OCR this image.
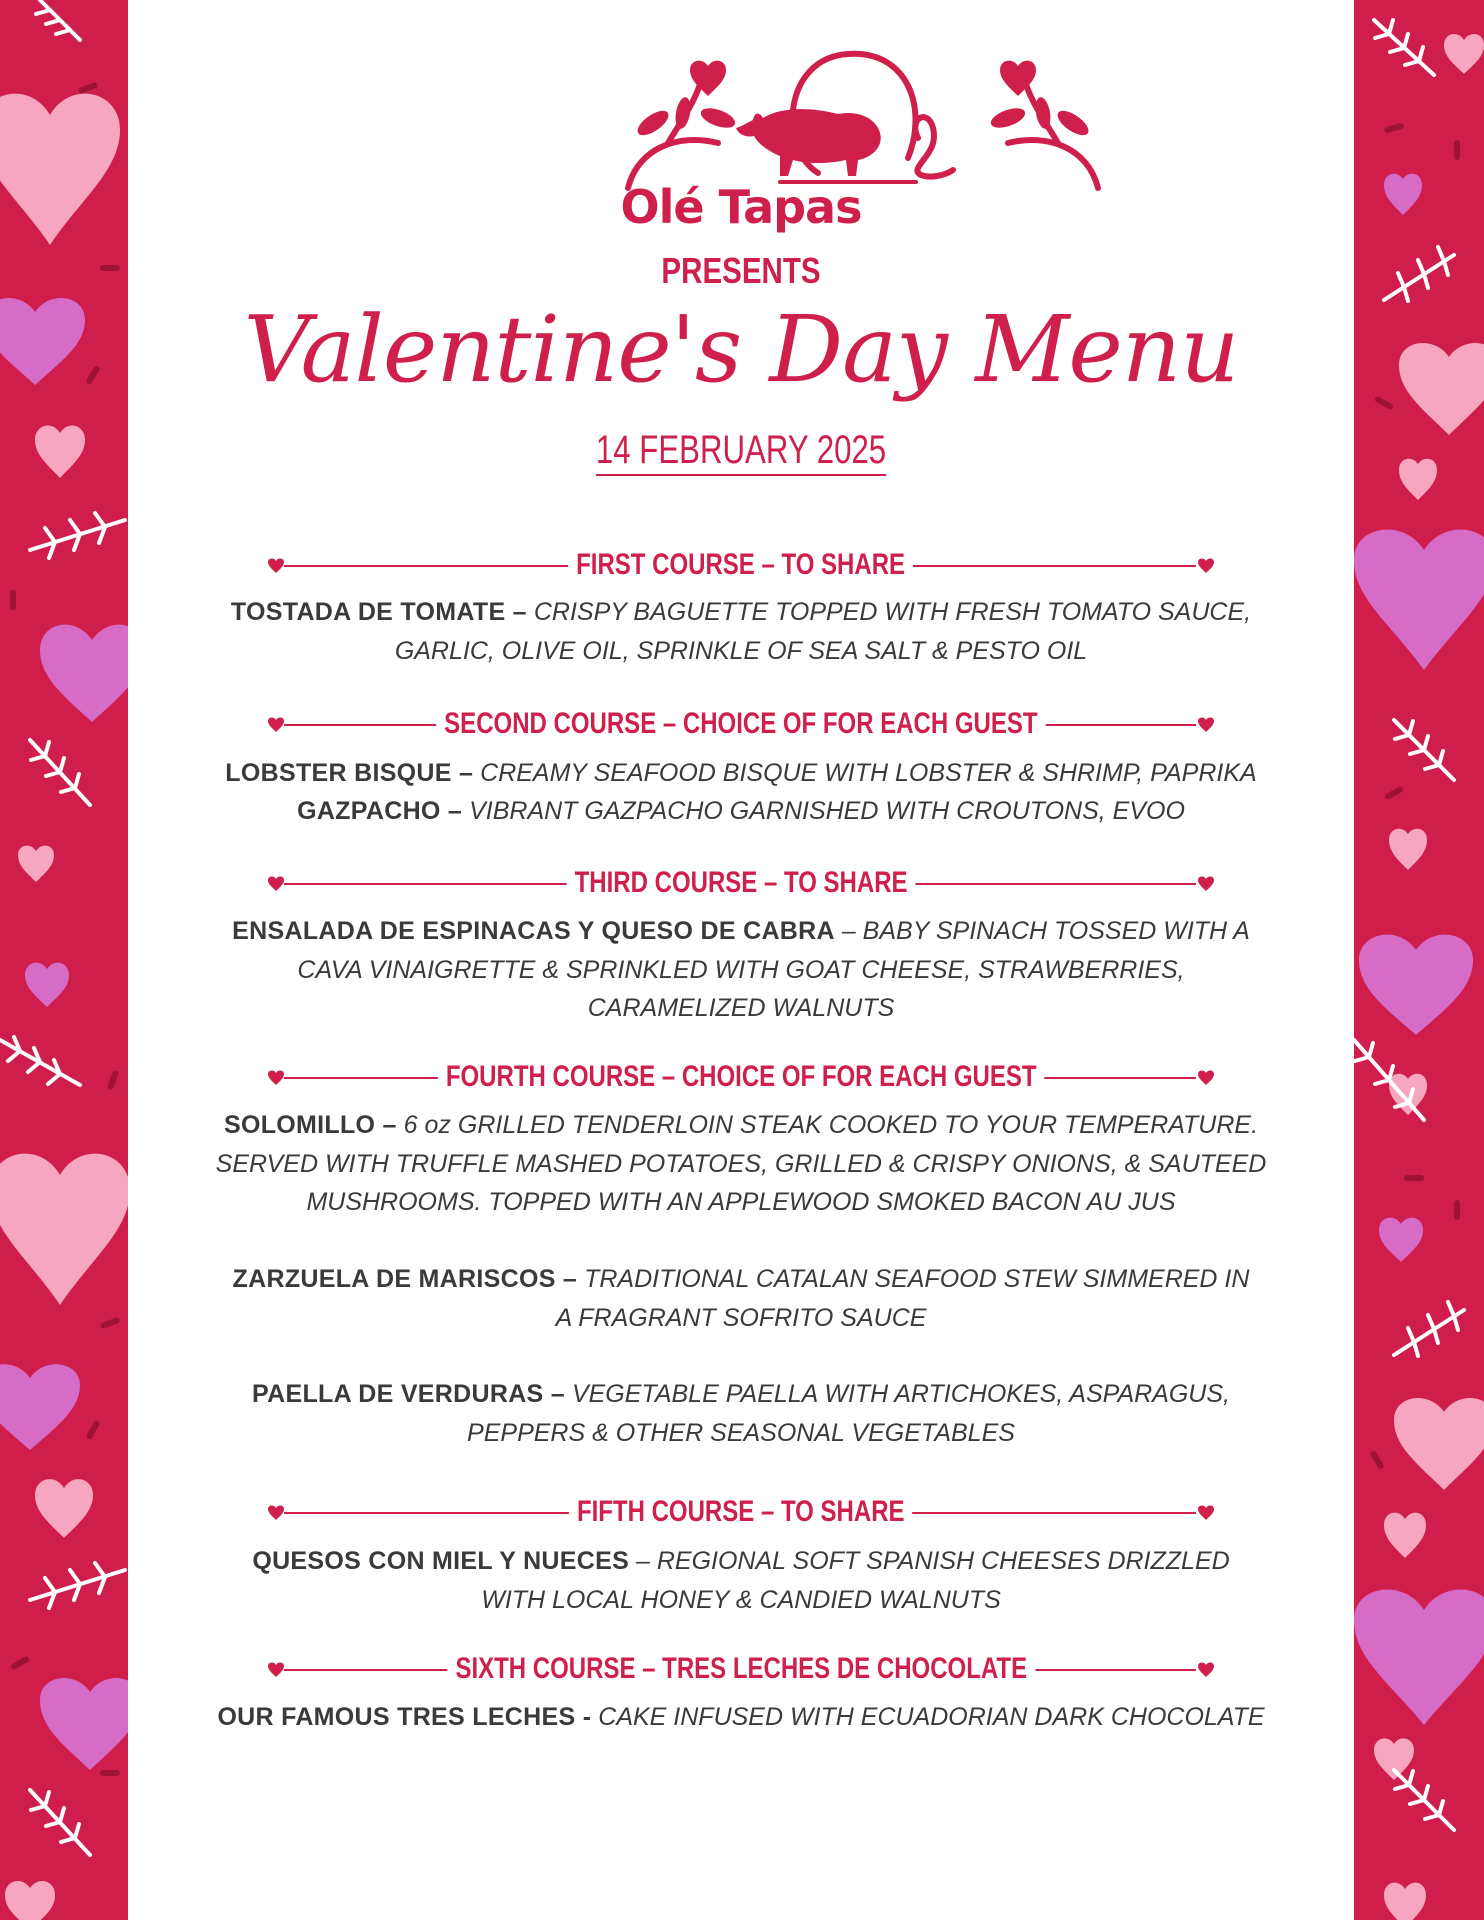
Olé Tapas
PRESENTS
Valentine's Day Menu
14 FEBRUARY 2025
FIRST COURSE – TO SHARE
TOSTADA DE TOMATE – CRISPY BAGUETTE TOPPED WITH FRESH TOMATO SAUCE,
GARLIC, OLIVE OIL, SPRINKLE OF SEA SALT & PESTO OIL
SECOND COURSE – CHOICE OF FOR EACH GUEST
LOBSTER BISQUE – CREAMY SEAFOOD BISQUE WITH LOBSTER & SHRIMP, PAPRIKA
GAZPACHO – VIBRANT GAZPACHO GARNISHED WITH CROUTONS, EVOO
THIRD COURSE – TO SHARE
ENSALADA DE ESPINACAS Y QUESO DE CABRA – BABY SPINACH TOSSED WITH A
CAVA VINAIGRETTE & SPRINKLED WITH GOAT CHEESE, STRAWBERRIES,
CARAMELIZED WALNUTS
FOURTH COURSE – CHOICE OF FOR EACH GUEST
SOLOMILLO – 6 oz GRILLED TENDERLOIN STEAK COOKED TO YOUR TEMPERATURE.
SERVED WITH TRUFFLE MASHED POTATOES, GRILLED & CRISPY ONIONS, & SAUTEED
MUSHROOMS. TOPPED WITH AN APPLEWOOD SMOKED BACON AU JUS
ZARZUELA DE MARISCOS – TRADITIONAL CATALAN SEAFOOD STEW SIMMERED IN
A FRAGRANT SOFRITO SAUCE
PAELLA DE VERDURAS – VEGETABLE PAELLA WITH ARTICHOKES, ASPARAGUS,
PEPPERS & OTHER SEASONAL VEGETABLES
FIFTH COURSE – TO SHARE
QUESOS CON MIEL Y NUECES – REGIONAL SOFT SPANISH CHEESES DRIZZLED
WITH LOCAL HONEY & CANDIED WALNUTS
SIXTH COURSE – TRES LECHES DE CHOCOLATE
OUR FAMOUS TRES LECHES - CAKE INFUSED WITH ECUADORIAN DARK CHOCOLATE
